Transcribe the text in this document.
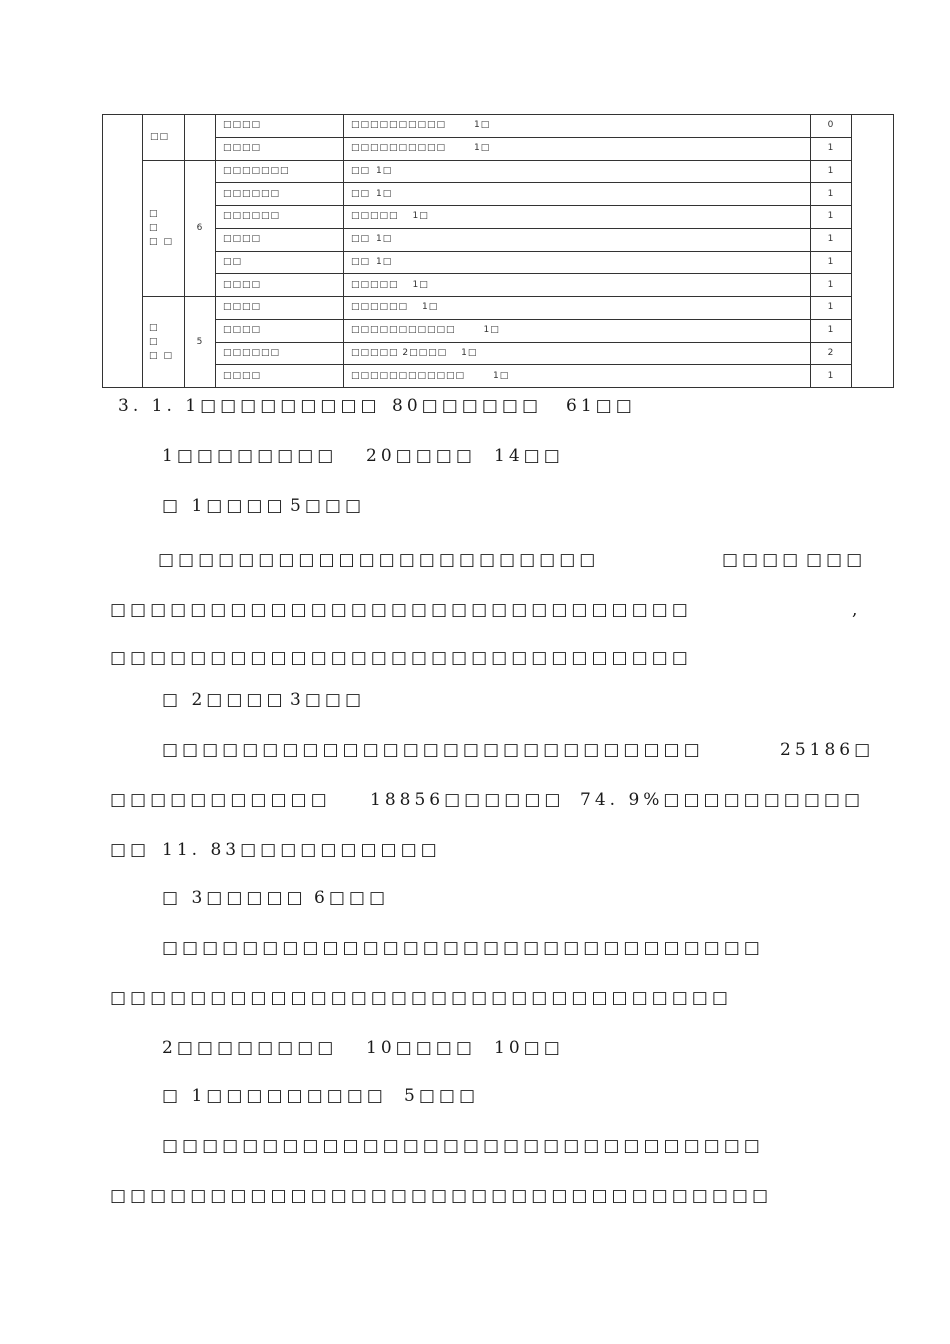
	□□		□□□□	□□□□□□□□□□ 1□	0	
			□□□□	□□□□□□□□□□ 1□	1	
	□ □ □□	6	□□□□□□□	□□ 1□	1	
			□□□□□□	□□ 1□	1	
			□□□□□□	□□□□□ 1□	1	
			□□□□	□□ 1□	1	
			□□	□□ 1□	1	
			□□□□	□□□□□ 1□	1	
	□ □ □□	5	□□□□	□□□□□□ 1□	1	
			□□□□	□□□□□□□□□□□ 1□	1	
			□□□□□□	□□□□□ 2□□□□ 1□	2	
			□□□□	□□□□□□□□□□□□ 1□	1	

3. 1. 1□□□□□□□□□

80□□□□□□

61□□

1□□□□□□□□

20□□□□

14□□

□ 1□□□□

5□□□

□□□□□□□□□□□□□□□□□□□□□□

	□□□□

□□□

□□□□□□□□□□□□□□□□□□□□□□□□□□□□□

	,

□□□□□□□□□□□□□□□□□□□□□□□□□□□□□

□ 2□□□□

3□□□

□□□□□□□□□□□□□□□□□□□□□□□□□□□

	25186□

□□□□□□□□□□□

18856□□□□□□

74. 9%□□□□□□□□□□

□□

11. 83□□□□□□□□□□

□ 3□□□□□

6□□□

□□□□□□□□□□□□□□□□□□□□□□□□□□□□□□

□□□□□□□□□□□□□□□□□□□□□□□□□□□□□□□

2□□□□□□□□

10□□□□

10□□

□ 1□□□□□□□□□

5□□□

□□□□□□□□□□□□□□□□□□□□□□□□□□□□□□

□□□□□□□□□□□□□□□□□□□□□□□□□□□□□□□□□
